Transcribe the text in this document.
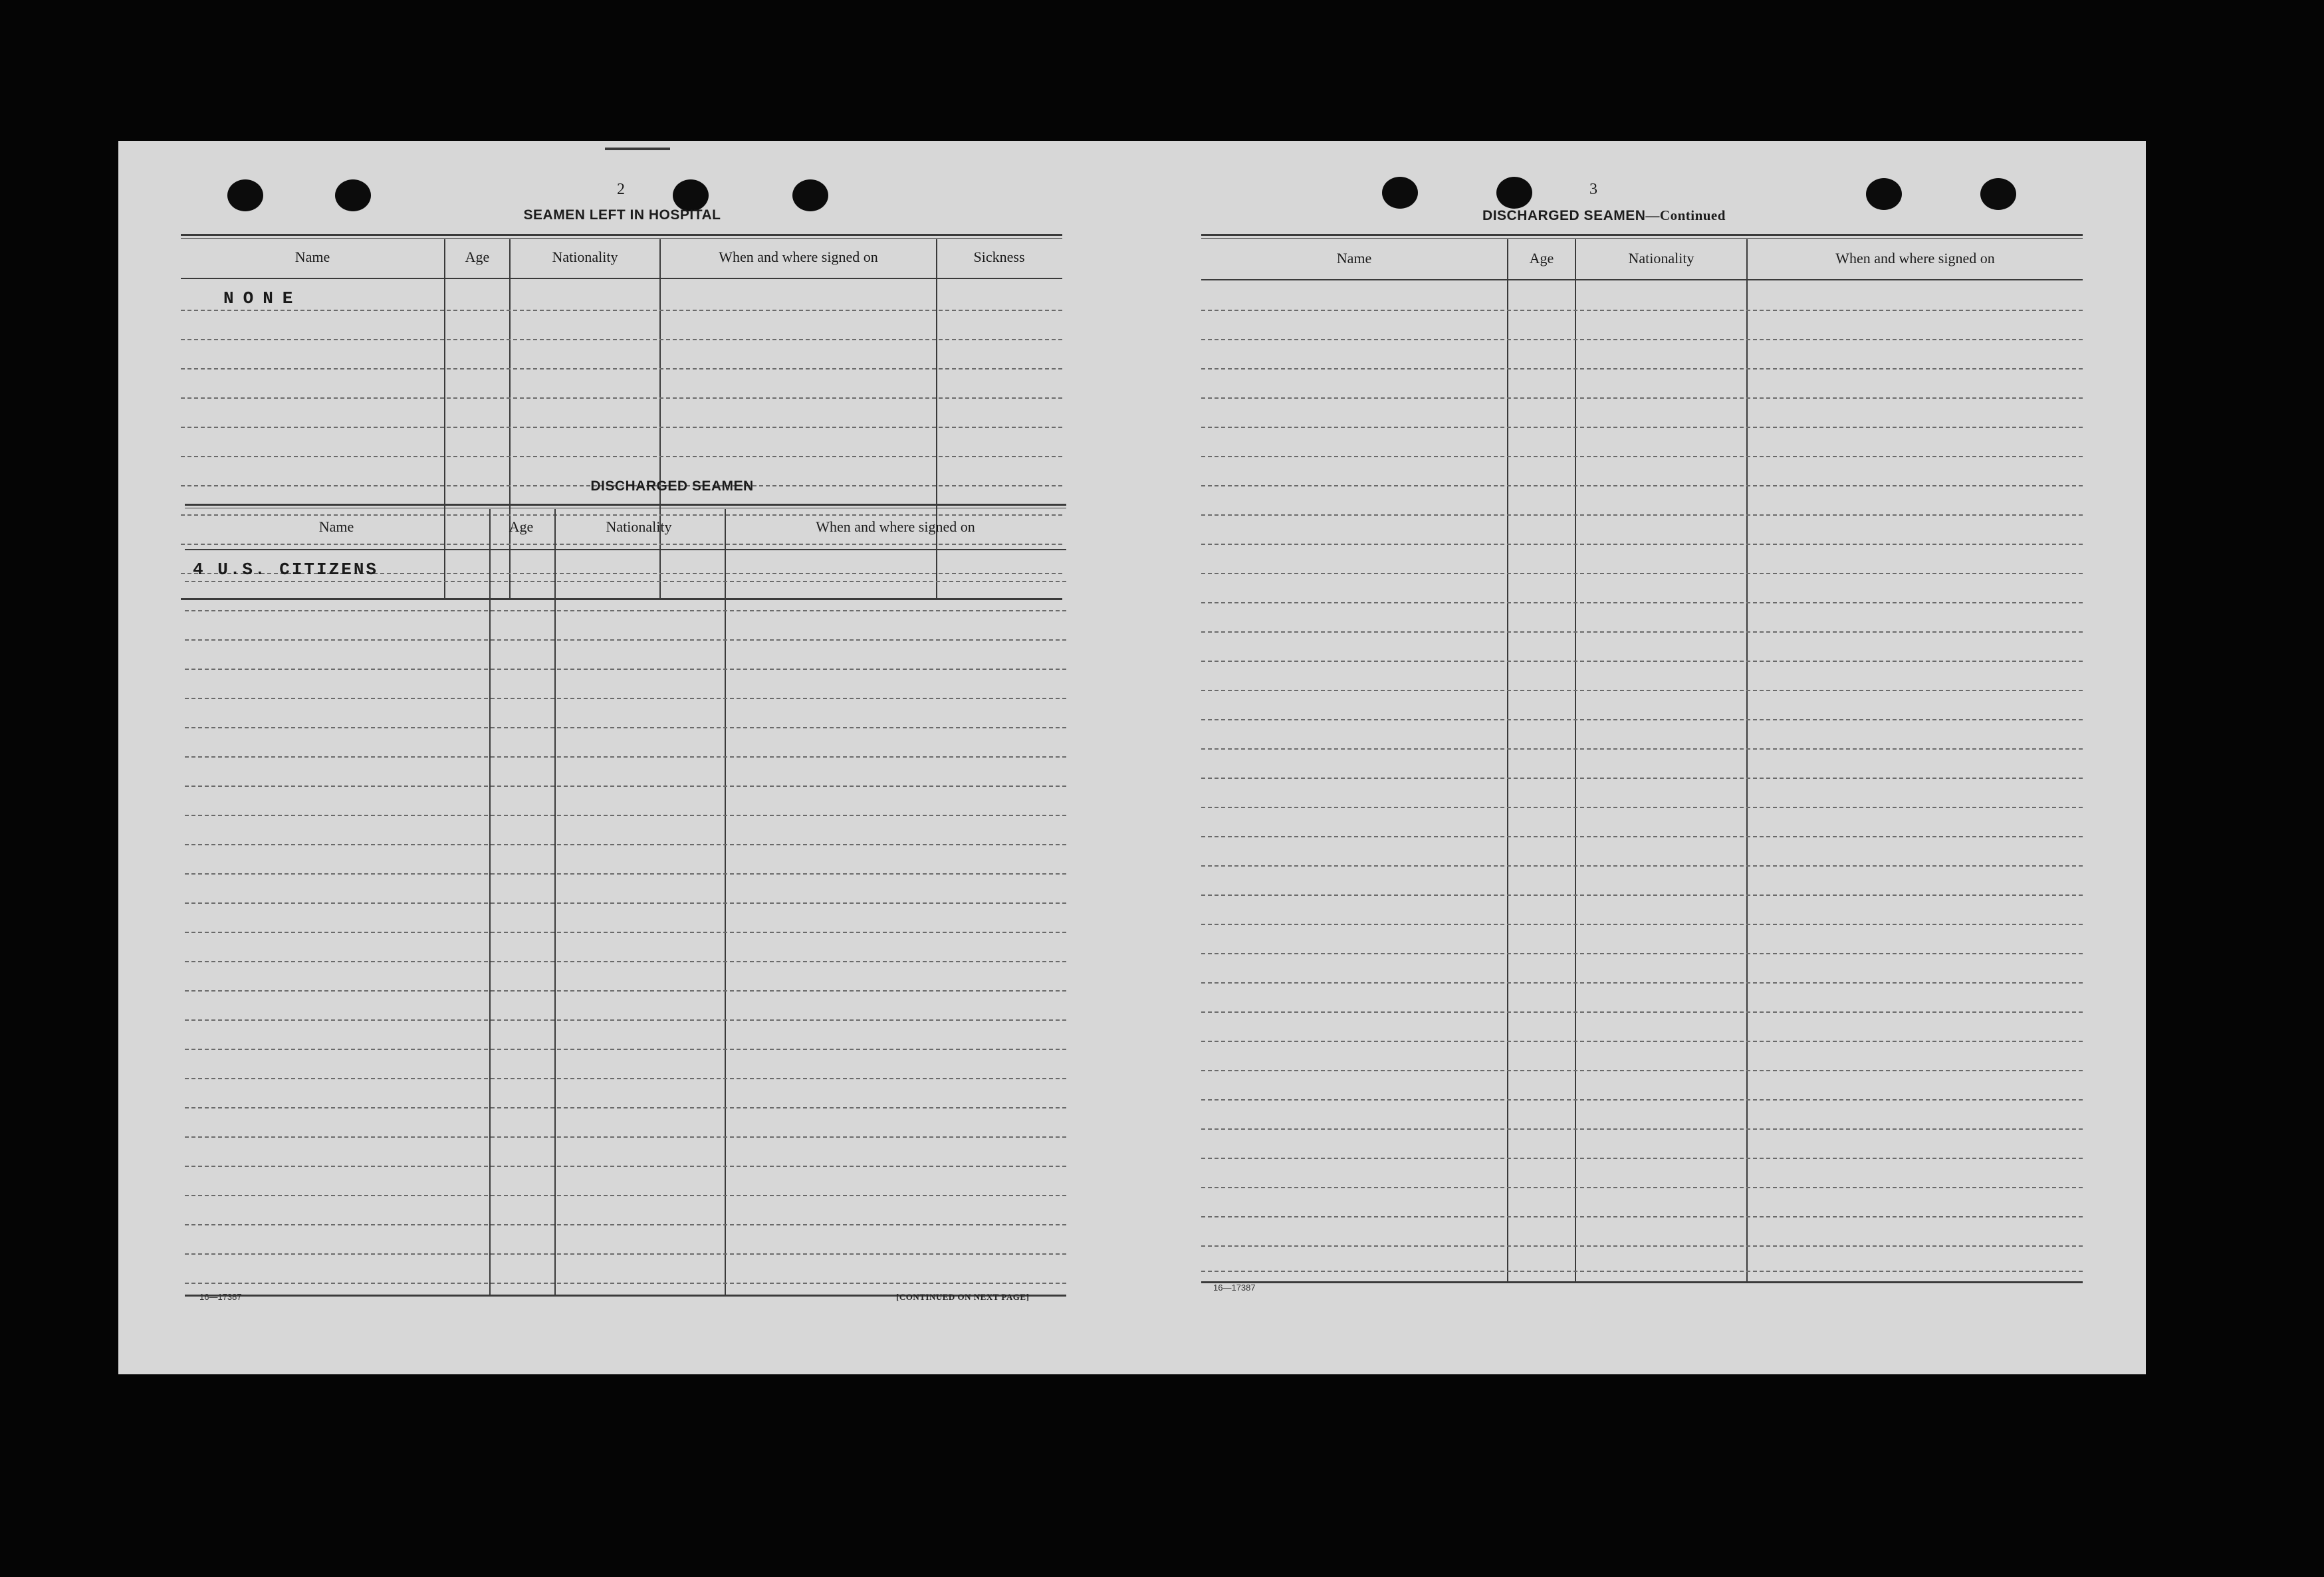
2
SEAMEN LEFT IN HOSPITAL
Name	Age	Nationality	When and where signed on	Sickness
NONE
DISCHARGED SEAMEN
Name	Age	Nationality	When and where signed on
4 U.S. CITIZENS
16—17387	[CONTINUED ON NEXT PAGE]
3
DISCHARGED SEAMEN—Continued
Name	Age	Nationality	When and where signed on
16—17387
